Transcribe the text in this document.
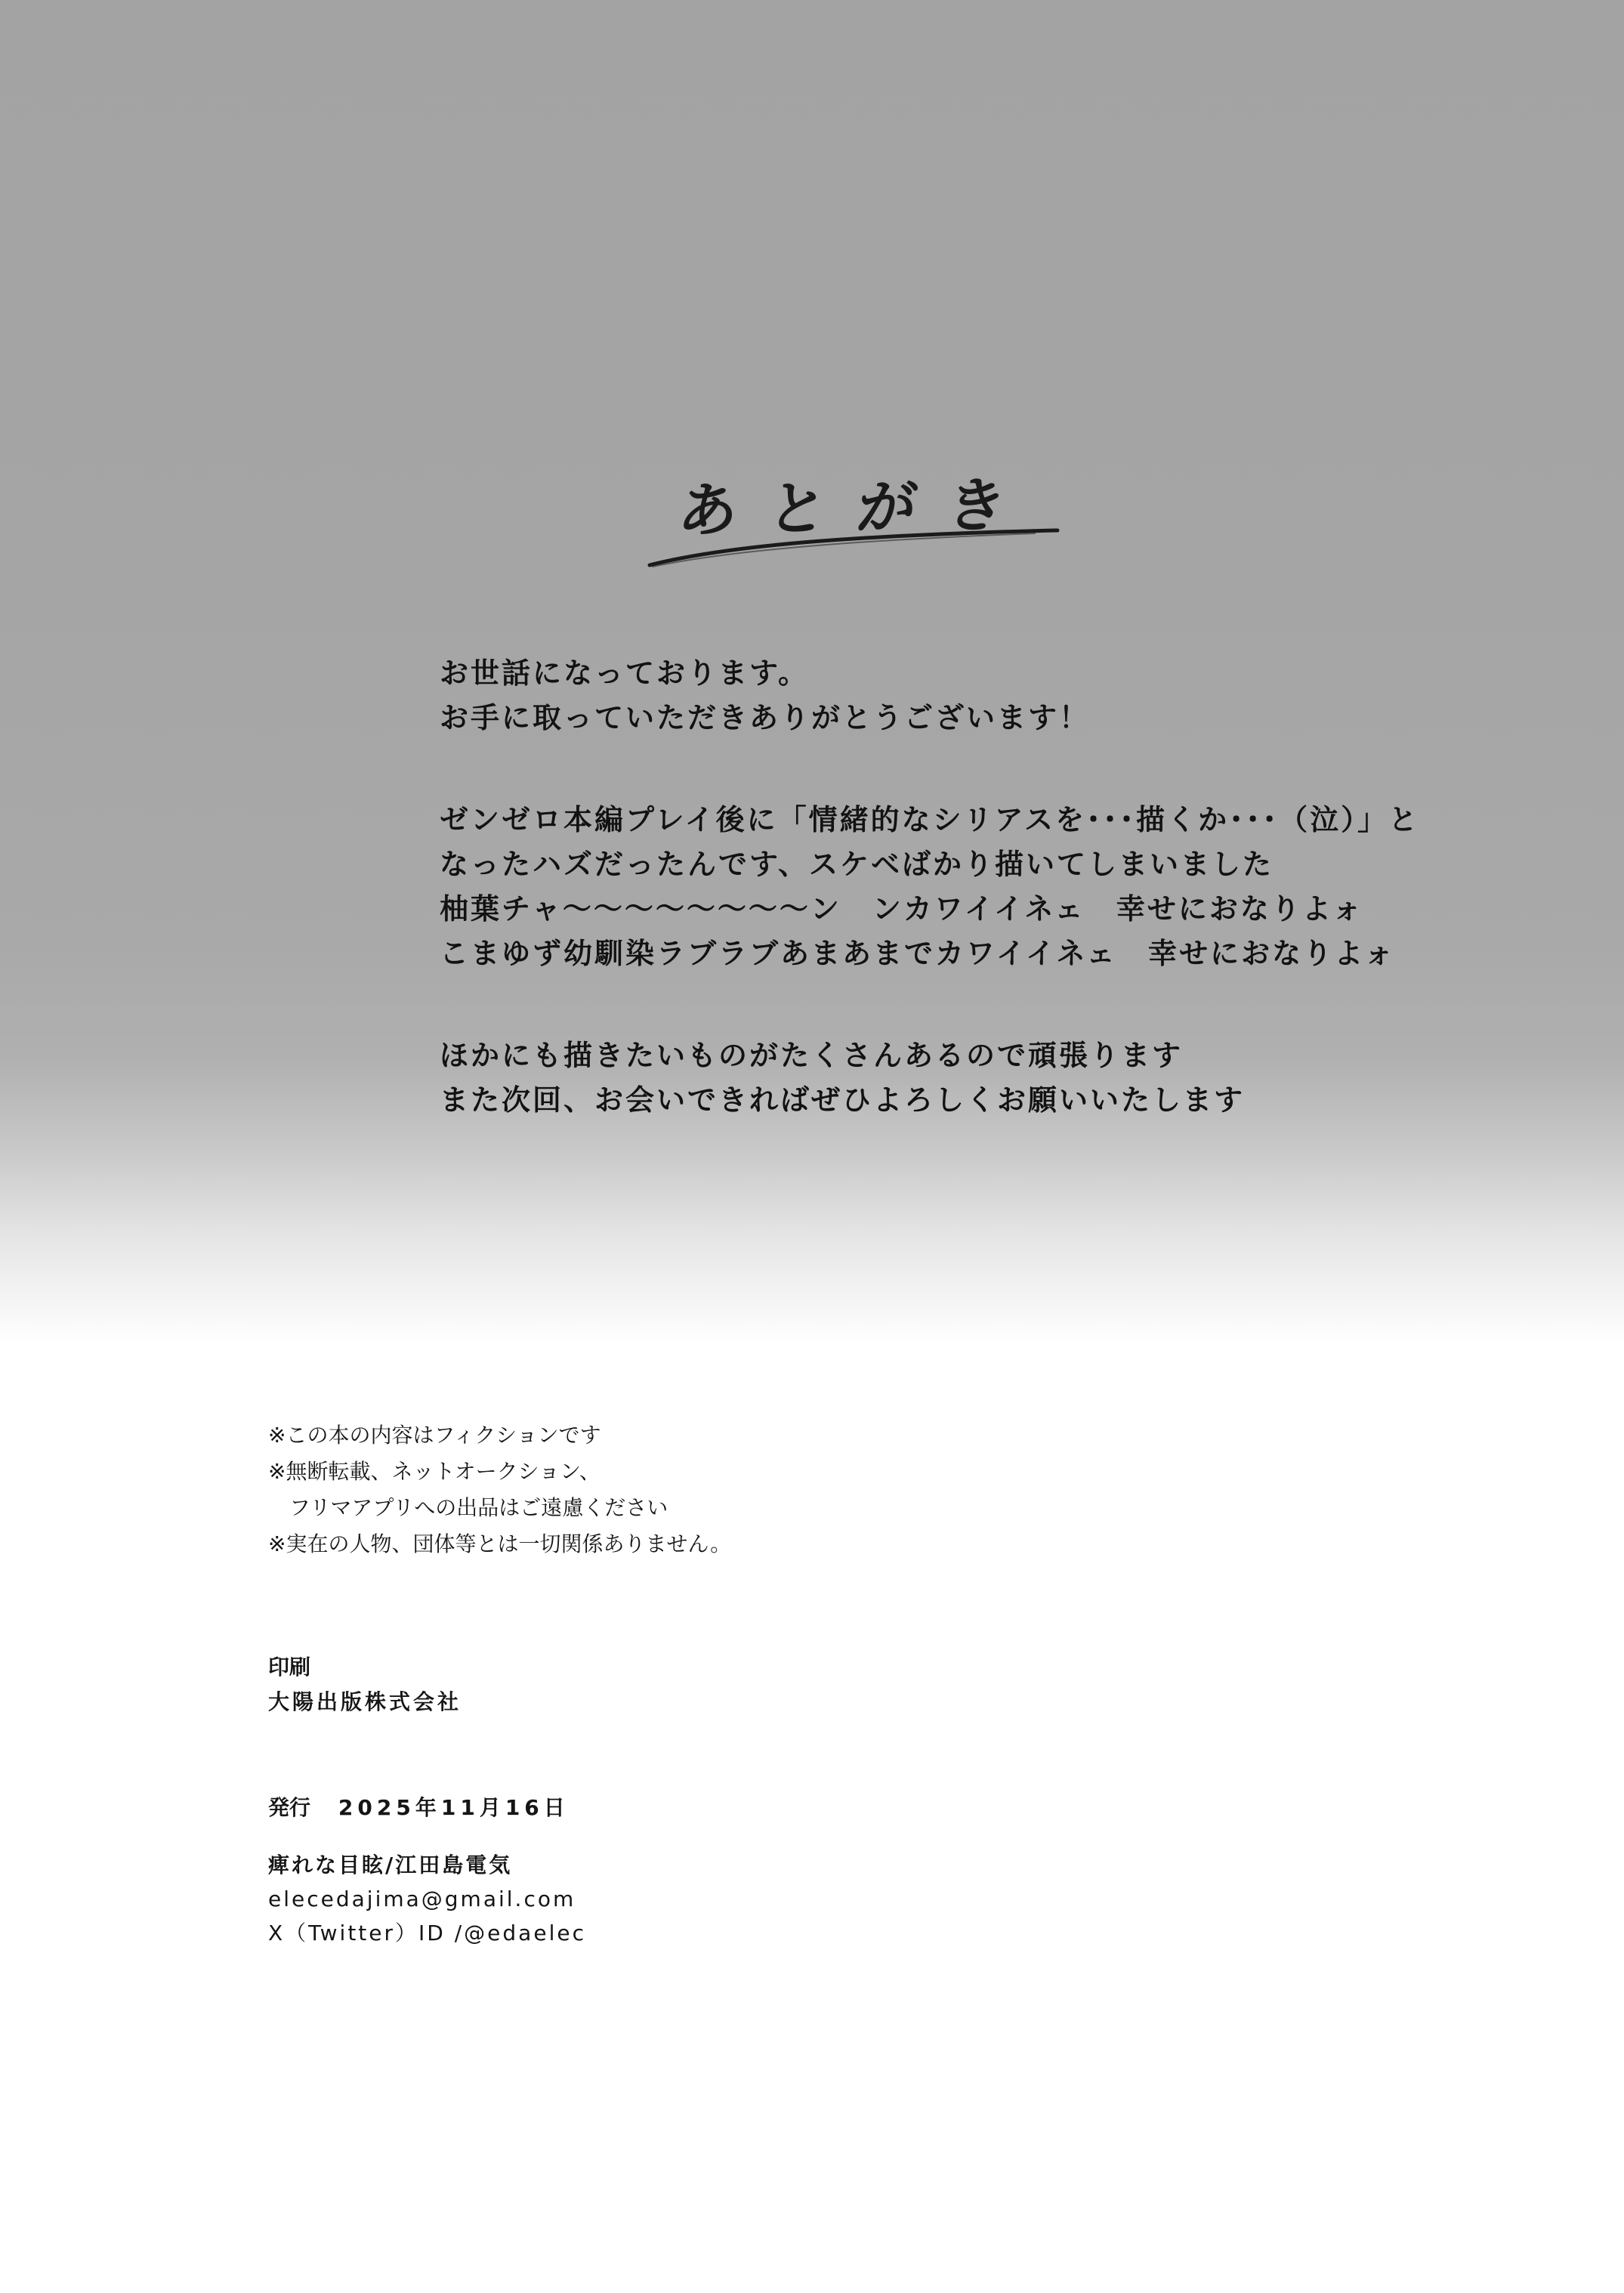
あとがき
お世話になっております。
お手に取っていただきありがとうございます！
ゼンゼロ本編プレイ後に「情緒的なシリアスを･･･描くか･･･（泣）」と
なったハズだったんです、スケベばかり描いてしまいました
柚葉チャ～～～～～～～～ン　ンカワイイネェ　幸せにおなりよォ
こまゆず幼馴染ラブラブあまあまでカワイイネェ　幸せにおなりよォ
ほかにも描きたいものがたくさんあるので頑張ります
また次回、お会いできればぜひよろしくお願いいたします
※この本の内容はフィクションです
※無断転載、ネットオークション、
フリマアプリへの出品はご遠慮ください
※実在の人物、団体等とは一切関係ありません。
印刷
大陽出版株式会社
発行 2025年11月16日
痺れな目眩/江田島電気
elecedajima@gmail.com
X（Twitter）ID /@edaelec
